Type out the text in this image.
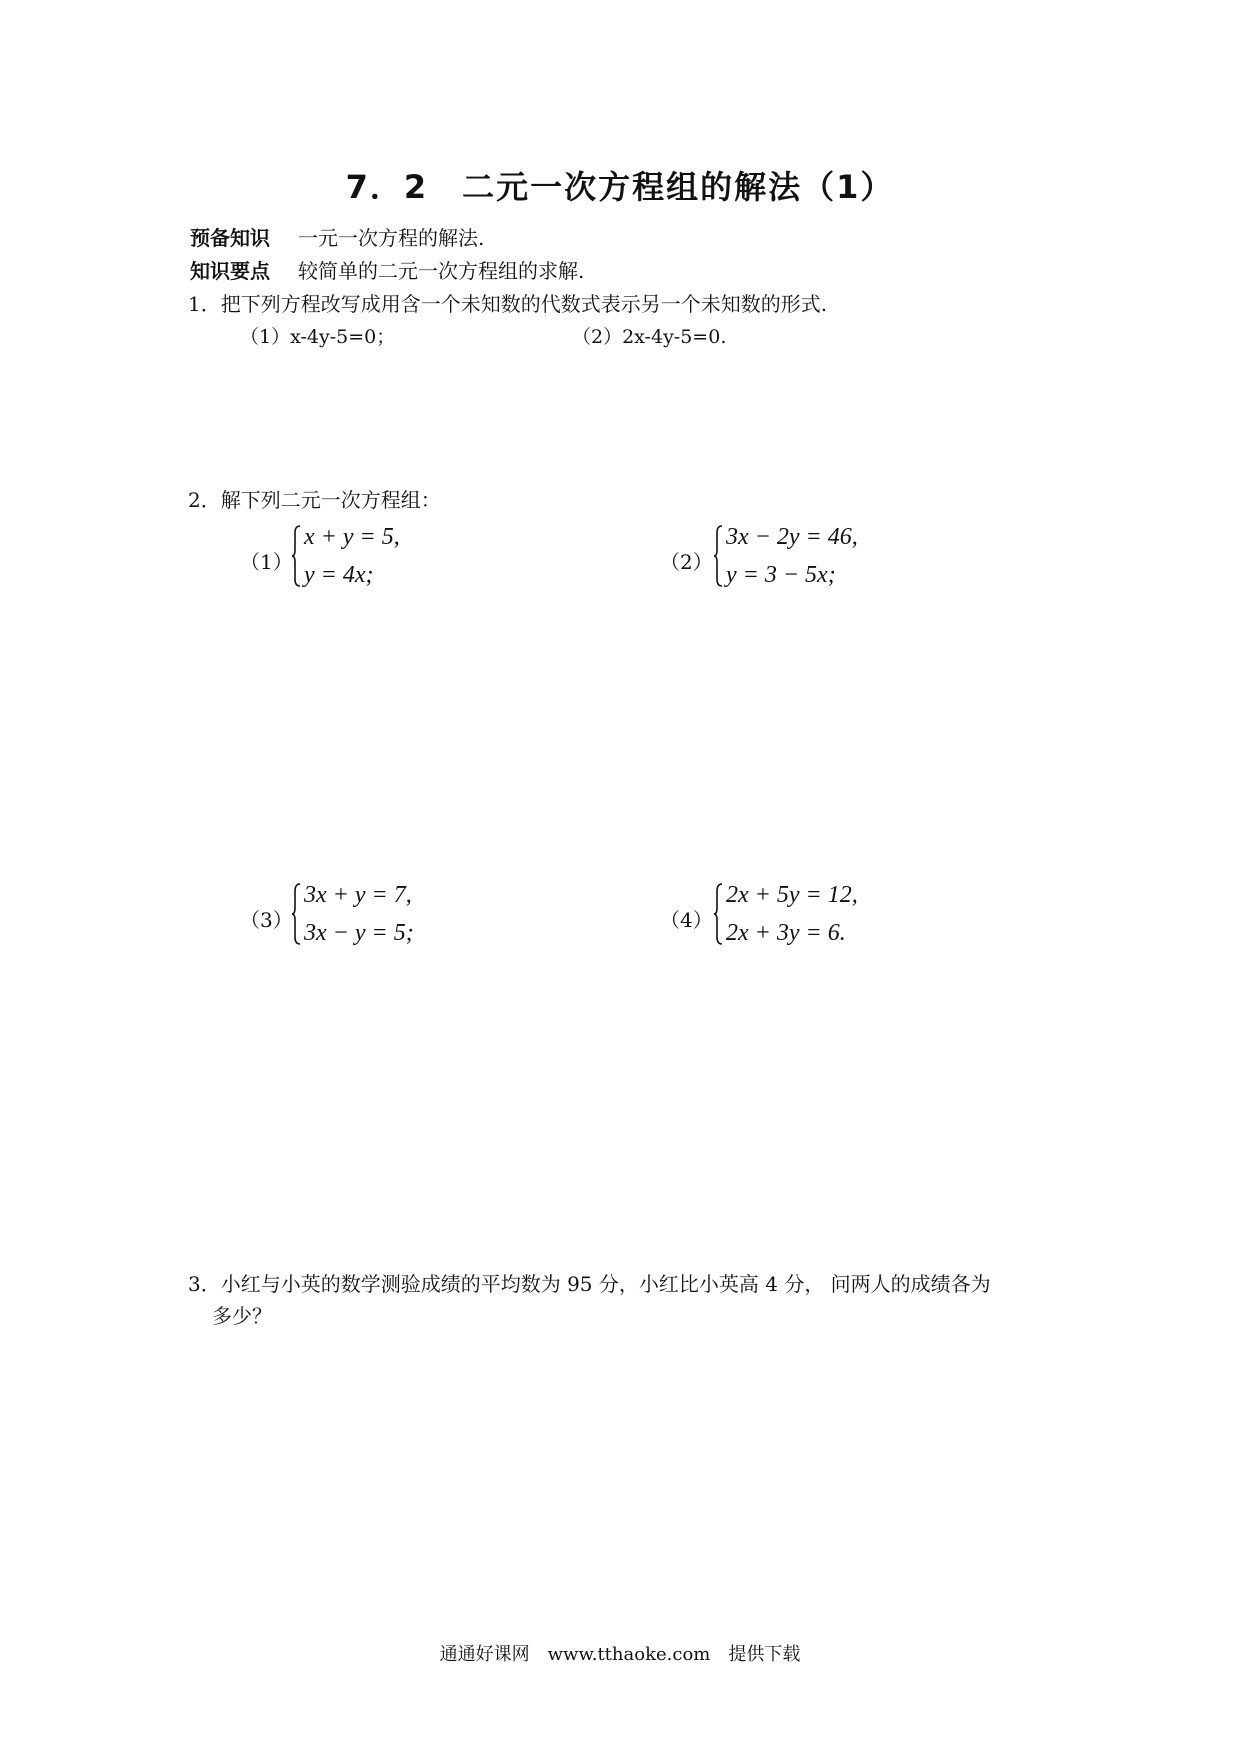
7．2　二元一次方程组的解法（1）
预备知识 一元一次方程的解法.
知识要点 较简单的二元一次方程组的求解.
1．把下列方程改写成用含一个未知数的代数式表示另一个未知数的形式.
（1）x-4y-5=0；	（2）2x-4y-5=0.
2．解下列二元一次方程组：
（1）
x + y = 5,
y = 4x;	（2）
3x − 2y = 46,
y = 3 − 5x;
（3）
3x + y = 7,
3x − y = 5;	（4）
2x + 5y = 12,
2x + 3y = 6.
3．小红与小英的数学测验成绩的平均数为 95 分，小红比小英高 4 分， 问两人的成绩各为
多少？
通通好课网　www.tthaoke.com　提供下载
